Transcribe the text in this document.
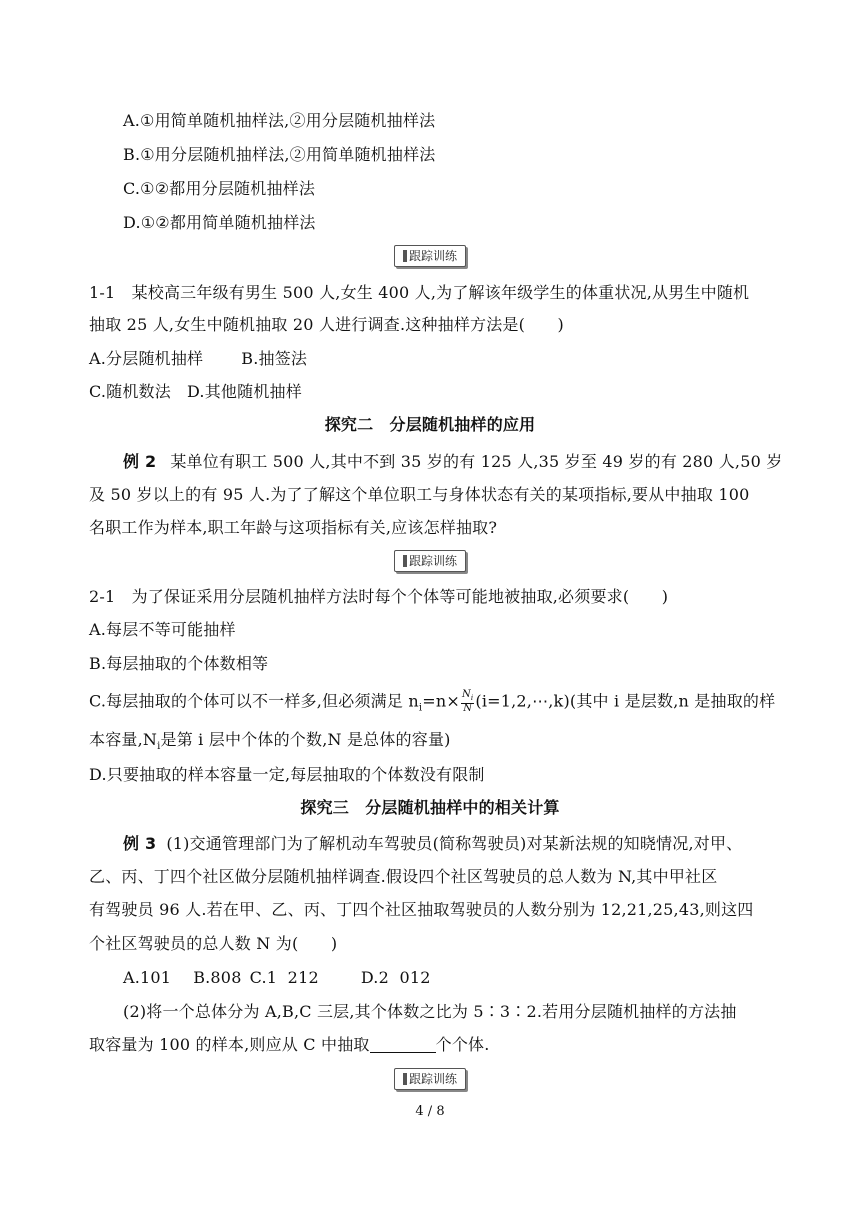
A.①用简单随机抽样法,②用分层随机抽样法
B.①用分层随机抽样法,②用简单随机抽样法
C.①②都用分层随机抽样法
D.①②都用简单随机抽样法
跟踪训练
1-1　某校高三年级有男生 500 人,女生 400 人,为了解该年级学生的体重状况,从男生中随机
抽取 25 人,女生中随机抽取 20 人进行调查.这种抽样方法是(　　)
A.分层随机抽样 B.抽签法
C.随机数法 D.其他随机抽样
探究二　分层随机抽样的应用
例 2 某单位有职工 500 人,其中不到 35 岁的有 125 人,35 岁至 49 岁的有 280 人,50 岁
及 50 岁以上的有 95 人.为了了解这个单位职工与身体状态有关的某项指标,要从中抽取 100
名职工作为样本,职工年龄与这项指标有关,应该怎样抽取?
跟踪训练
2-1　为了保证采用分层随机抽样方法时每个个体等可能地被抽取,必须要求(　　)
A.每层不等可能抽样
B.每层抽取的个体数相等
C.每层抽取的个体可以不一样多,但必须满足 $n_i=n\times \frac{N_i}{N}$ (i=1,2,⋯,k)(其中 i 是层数,n 是抽取的样
本容量$,N_i$是第 i 层中个体的个数,N 是总体的容量)
D.只要抽取的样本容量一定,每层抽取的个体数没有限制
探究三　分层随机抽样中的相关计算
例 3 (1)交通管理部门为了解机动车驾驶员(简称驾驶员)对某新法规的知晓情况,对甲、
乙、丙、丁四个社区做分层随机抽样调查.假设四个社区驾驶员的总人数为 N,其中甲社区
有驾驶员 96 人.若在甲、乙、丙、丁四个社区抽取驾驶员的人数分别为 12,21,25,43,则这四
个社区驾驶员的总人数 N 为(　　)
A.101 B.808 C.1  212	D.2  012
(2)将一个总体分为 A,B,C 三层,其个体数之比为 5∶3∶2.若用分层随机抽样的方法抽
取容量为 100 的样本,则应从 C 中抽取	个个体.
跟踪训练
4 / 8
